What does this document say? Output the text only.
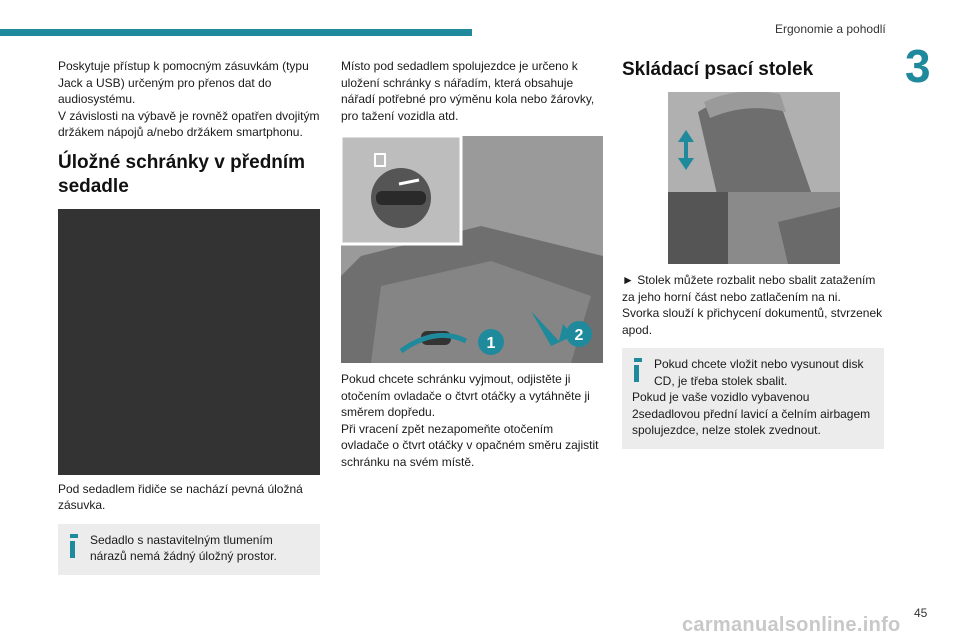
Ergonomie a pohodlí
3

Poskytuje přístup k pomocným zásuvkám (typu Jack a USB) určeným pro přenos dat do audiosystému.

V závislosti na výbavě je rovněž opatřen dvojitým držákem nápojů a/nebo držákem smartphonu.

Úložné schránky v předním sedadle

Pod sedadlem řidiče se nachází pevná úložná zásuvka.

Sedadlo s nastavitelným tlumením nárazů nemá žádný úložný prostor.

Místo pod sedadlem spolujezdce je určeno k uložení schránky s nářadím, která obsahuje nářadí potřebné pro výměnu kola nebo žárovky, pro tažení vozidla atd.

1	2

Pokud chcete schránku vyjmout, odjistěte ji otočením ovladače o čtvrt otáčky a vytáhněte ji směrem dopředu.

Při vracení zpět nezapomeňte otočením ovladače o čtvrt otáčky v opačném směru zajistit schránku na svém místě.

Skládací psací stolek

► Stolek můžete rozbalit nebo sbalit zatažením za jeho horní část nebo zatlačením na ni.

Svorka slouží k přichycení dokumentů, stvrzenek apod.

Pokud chcete vložit nebo vysunout disk CD, je třeba stolek sbalit.

Pokud je vaše vozidlo vybavenou 2sedadlovou přední lavicí a čelním airbagem spolujezdce, nelze stolek zvednout.

carmanualsonline.info
45
